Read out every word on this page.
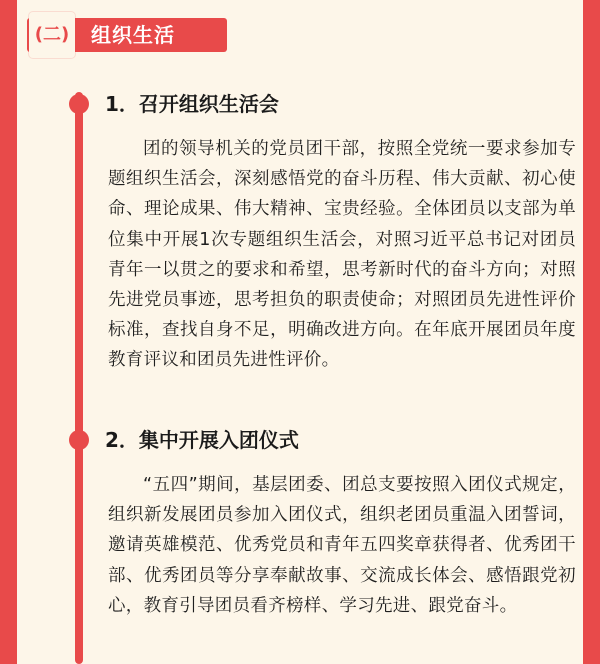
(二) 组织生活
1．召开组织生活会

团的领导机关的党员团干部，按照全党统一要求参加专题组织生活会，深刻感悟党的奋斗历程、伟大贡献、初心使命、理论成果、伟大精神、宝贵经验。全体团员以支部为单位集中开展1次专题组织生活会，对照习近平总书记对团员青年一以贯之的要求和希望，思考新时代的奋斗方向；对照先进党员事迹，思考担负的职责使命；对照团员先进性评价标准，查找自身不足，明确改进方向。在年底开展团员年度教育评议和团员先进性评价。

2．集中开展入团仪式

“五四”期间，基层团委、团总支要按照入团仪式规定，组织新发展团员参加入团仪式，组织老团员重温入团誓词，邀请英雄模范、优秀党员和青年五四奖章获得者、优秀团干部、优秀团员等分享奉献故事、交流成长体会、感悟跟党初心，教育引导团员看齐榜样、学习先进、跟党奋斗。
